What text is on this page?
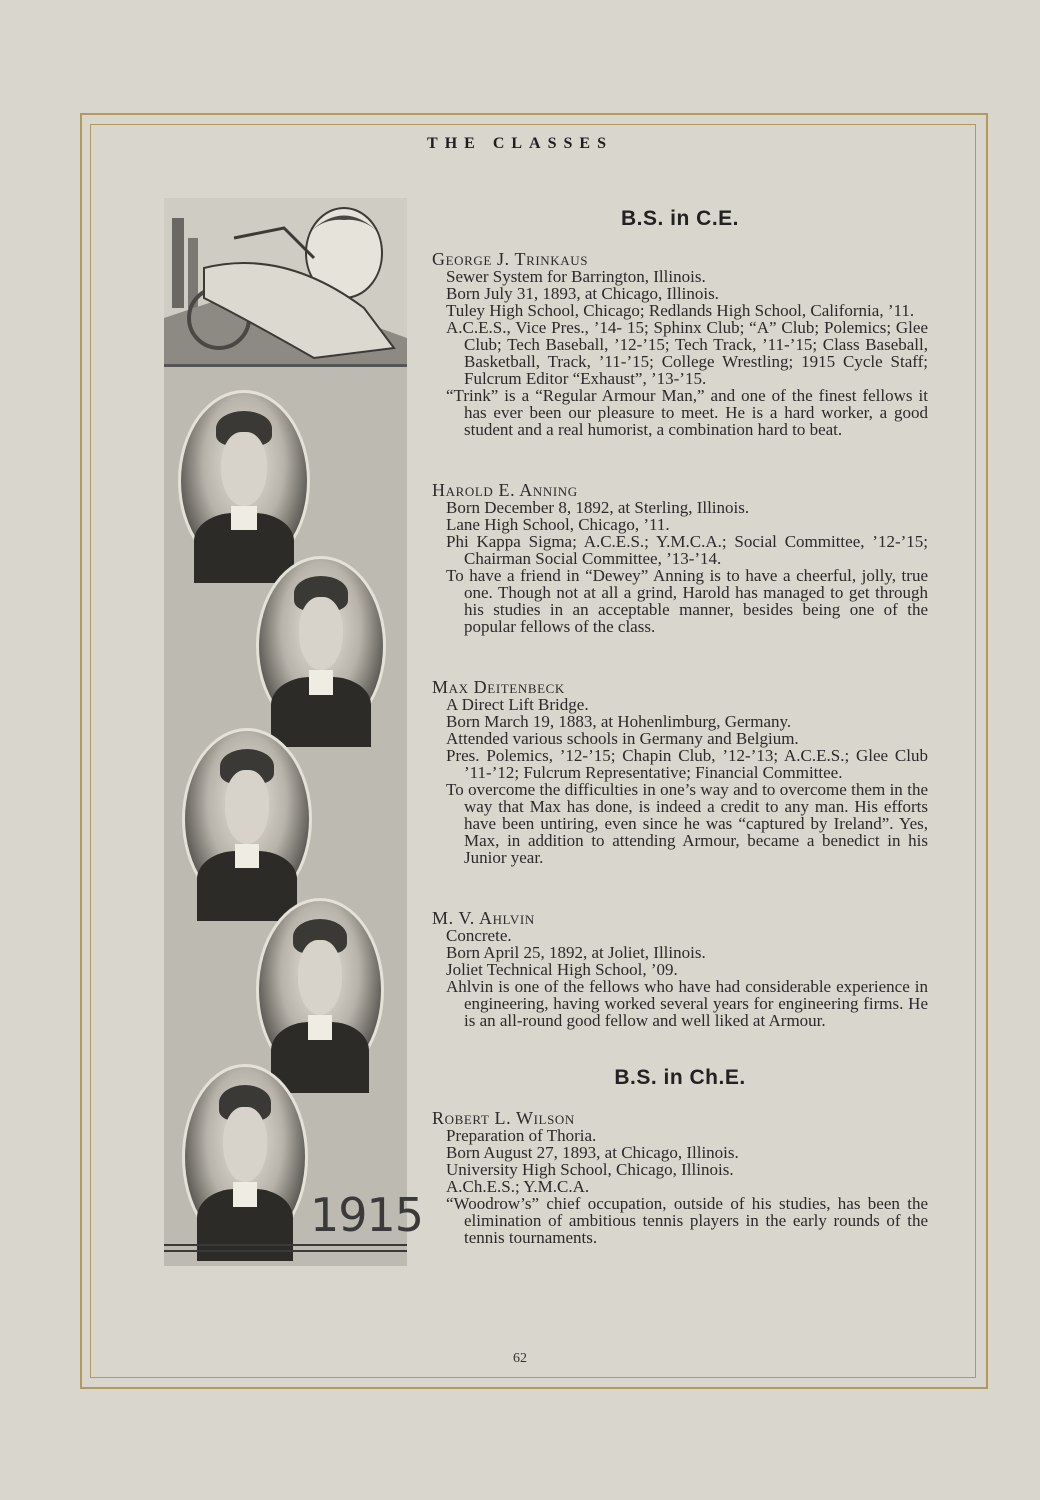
THE CLASSES
1915
B.S. in C.E.
George J. Trinkaus
Sewer System for Barrington, Illinois.
Born July 31, 1893, at Chicago, Illinois.
Tuley High School, Chicago; Redlands High School, California, ’11.
A.C.E.S., Vice Pres., ’14- 15; Sphinx Club; “A” Club; Polemics; Glee Club; Tech Baseball, ’12-’15; Tech Track, ’11-’15; Class Baseball, Basketball, Track, ’11-’15; College Wrestling; 1915 Cycle Staff; Fulcrum Editor “Exhaust”, ’13-’15.
“Trink” is a “Regular Armour Man,” and one of the finest fellows it has ever been our pleasure to meet. He is a hard worker, a good student and a real humorist, a combination hard to beat.
Harold E. Anning
Born December 8, 1892, at Sterling, Illinois.
Lane High School, Chicago, ’11.
Phi Kappa Sigma; A.C.E.S.; Y.M.C.A.; Social Committee, ’12-’15; Chairman Social Committee, ’13-’14.
To have a friend in “Dewey” Anning is to have a cheerful, jolly, true one. Though not at all a grind, Harold has managed to get through his studies in an acceptable manner, besides being one of the popular fellows of the class.
Max Deitenbeck
A Direct Lift Bridge.
Born March 19, 1883, at Hohenlimburg, Germany.
Attended various schools in Germany and Belgium.
Pres. Polemics, ’12-’15; Chapin Club, ’12-’13; A.C.E.S.; Glee Club ’11-’12; Fulcrum Representative; Financial Committee.
To overcome the difficulties in one’s way and to overcome them in the way that Max has done, is indeed a credit to any man. His efforts have been untiring, even since he was “captured by Ireland”. Yes, Max, in addition to attending Armour, became a benedict in his Junior year.
M. V. Ahlvin
Concrete.
Born April 25, 1892, at Joliet, Illinois.
Joliet Technical High School, ’09.
Ahlvin is one of the fellows who have had considerable experience in engineering, having worked several years for engineering firms. He is an all-round good fellow and well liked at Armour.
B.S. in Ch.E.
Robert L. Wilson
Preparation of Thoria.
Born August 27, 1893, at Chicago, Illinois.
University High School, Chicago, Illinois.
A.Ch.E.S.; Y.M.C.A.
“Woodrow’s” chief occupation, outside of his studies, has been the elimination of ambitious tennis players in the early rounds of the tennis tournaments.
62
